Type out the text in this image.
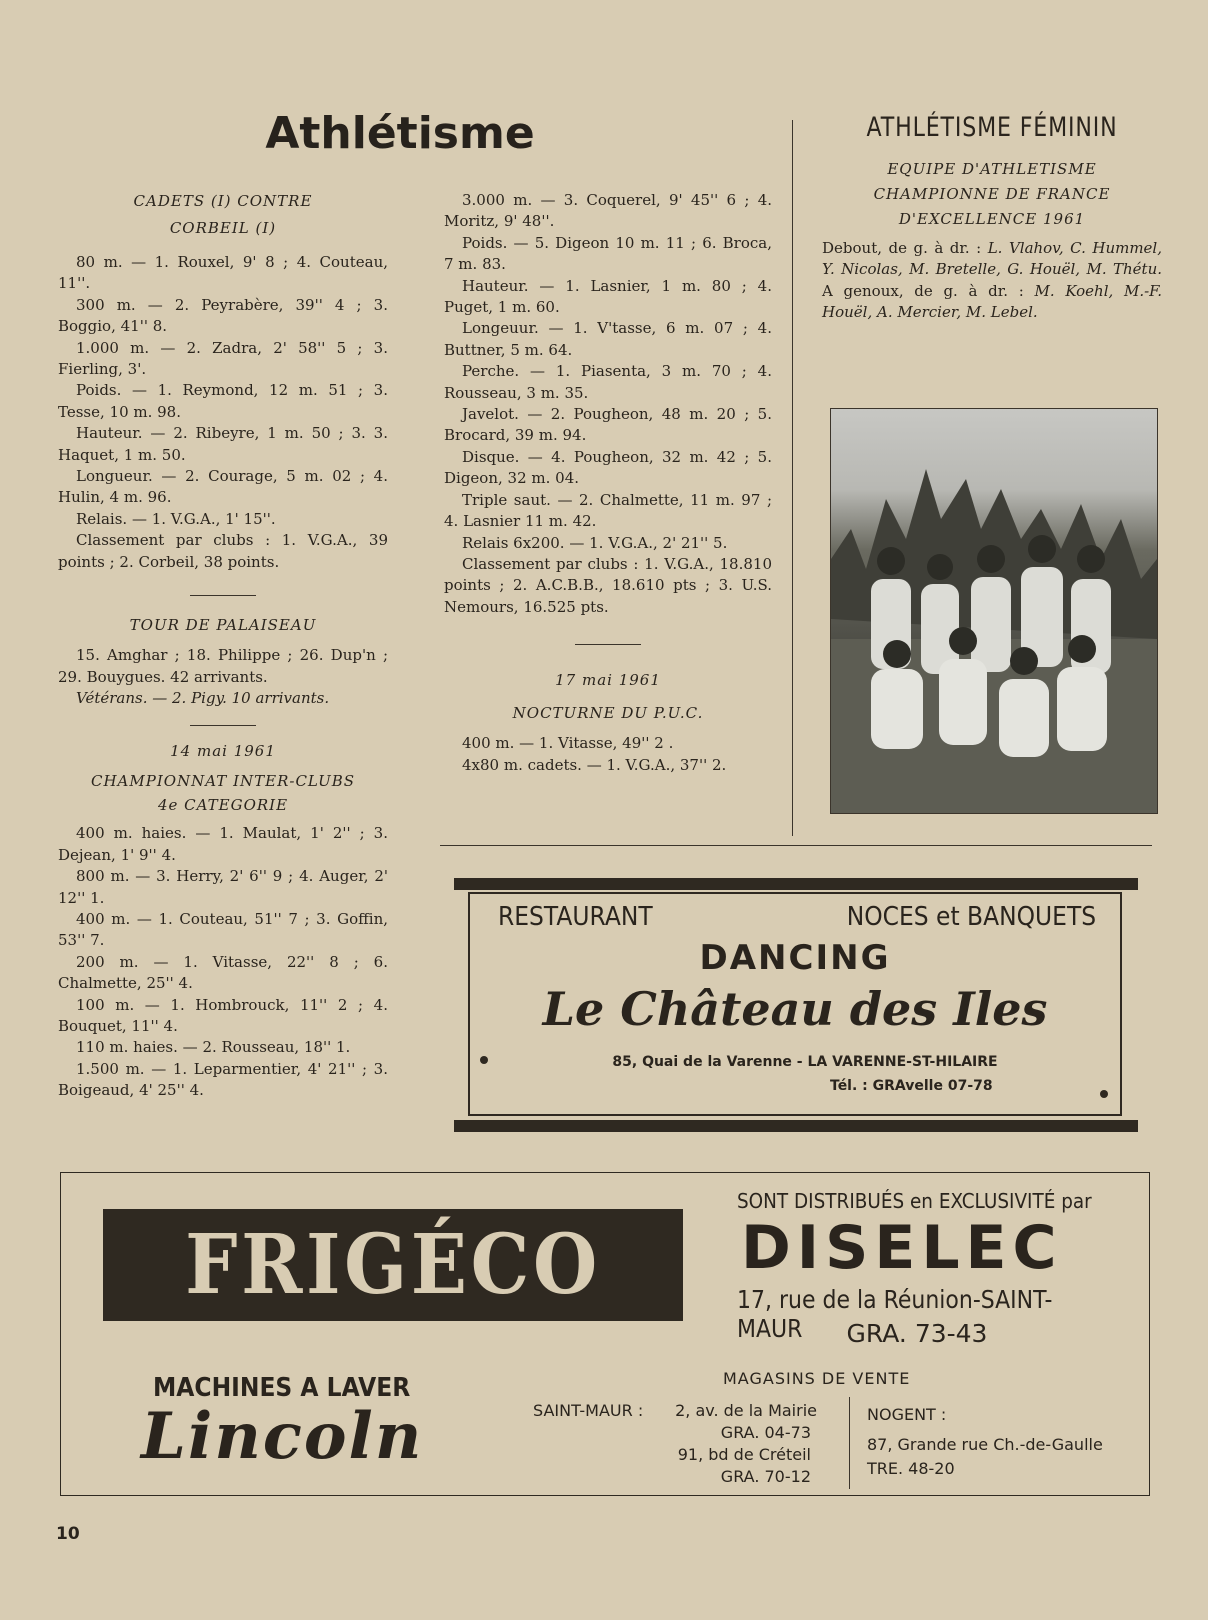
Athlétisme
CADETS (I) CONTRE
CORBEIL (I)

80 m. — 1. Rouxel, 9' 8 ; 4. Couteau, 11''.

300 m. — 2. Peyrabère, 39'' 4 ; 3. Boggio, 41'' 8.

1.000 m. — 2. Zadra, 2' 58'' 5 ; 3. Fierling, 3'.

Poids. — 1. Reymond, 12 m. 51 ; 3. Tesse, 10 m. 98.

Hauteur. — 2. Ribeyre, 1 m. 50 ; 3. 3. Haquet, 1 m. 50.

Longueur. — 2. Courage, 5 m. 02 ; 4. Hulin, 4 m. 96.

Relais. — 1. V.G.A., 1' 15''.

Classement par clubs : 1. V.G.A., 39 points ; 2. Corbeil, 38 points.

TOUR DE PALAISEAU

15. Amghar ; 18. Philippe ; 26. Dup'n ; 29. Bouygues. 42 arrivants.

Vétérans. — 2. Pigy. 10 arrivants.

14 mai 1961
CHAMPIONNAT INTER-CLUBS
4e CATEGORIE

400 m. haies. — 1. Maulat, 1' 2'' ; 3. Dejean, 1' 9'' 4.

800 m. — 3. Herry, 2' 6'' 9 ; 4. Auger, 2' 12'' 1.

400 m. — 1. Couteau, 51'' 7 ; 3. Goffin, 53'' 7.

200 m. — 1. Vitasse, 22'' 8 ; 6. Chalmette, 25'' 4.

100 m. — 1. Hombrouck, 11'' 2 ; 4. Bouquet, 11'' 4.

110 m. haies. — 2. Rousseau, 18'' 1.

1.500 m. — 1. Leparmentier, 4' 21'' ; 3. Boigeaud, 4' 25'' 4.

3.000 m. — 3. Coquerel, 9' 45'' 6 ; 4. Moritz, 9' 48''.

Poids. — 5. Digeon 10 m. 11 ; 6. Broca, 7 m. 83.

Hauteur. — 1. Lasnier, 1 m. 80 ; 4. Puget, 1 m. 60.

Longeuur. — 1. V'tasse, 6 m. 07 ; 4. Buttner, 5 m. 64.

Perche. — 1. Piasenta, 3 m. 70 ; 4. Rousseau, 3 m. 35.

Javelot. — 2. Pougheon, 48 m. 20 ; 5. Brocard, 39 m. 94.

Disque. — 4. Pougheon, 32 m. 42 ; 5. Digeon, 32 m. 04.

Triple saut. — 2. Chalmette, 11 m. 97 ; 4. Lasnier 11 m. 42.

Relais 6x200. — 1. V.G.A., 2' 21'' 5.

Classement par clubs : 1. V.G.A., 18.810 points ; 2. A.C.B.B., 18.610 pts ; 3. U.S. Nemours, 16.525 pts.

17 mai 1961
NOCTURNE DU P.U.C.

400 m. — 1. Vitasse, 49'' 2 .

4x80 m. cadets. — 1. V.G.A., 37'' 2.

ATHLÉTISME FÉMININ
EQUIPE D'ATHLETISME
CHAMPIONNE DE FRANCE
D'EXCELLENCE 1961

Debout, de g. à dr. : L. Vlahov, C. Hummel, Y. Nicolas, M. Bretelle, G. Houël, M. Thétu. A genoux, de g. à dr. : M. Koehl, M.-F. Houël, A. Mercier, M. Lebel.

RESTAURANT	NOCES et BANQUETS
DANCING
Le Château des Iles
85, Quai de la Varenne - LA VARENNE-ST-HILAIRE
Tél. : GRAvelle 07-78
FRIGÉCO
MACHINES A LAVER
Lincoln
SONT DISTRIBUÉS en EXCLUSIVITÉ par
DISELEC
17, rue de la Réunion-SAINT-MAUR	GRA. 73-43
MAGASINS DE VENTE
SAINT-MAUR :	2, av. de la Mairie
GRA. 04-73
91, bd de Créteil
GRA. 70-12
NOGENT :
87, Grande rue Ch.-de-Gaulle
TRE. 48-20
10
